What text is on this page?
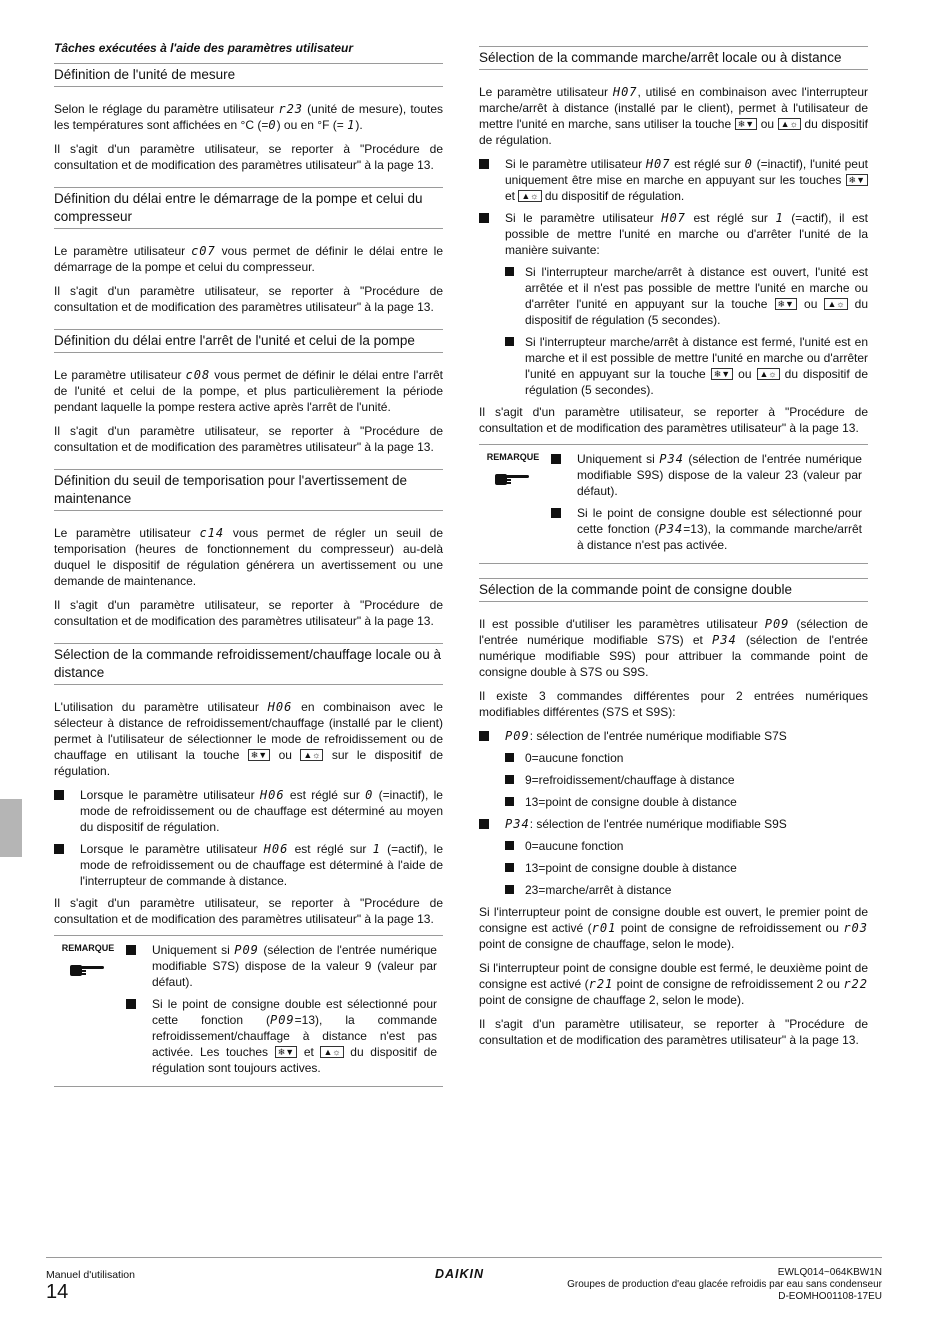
Tâches exécutées à l'aide des paramètres utilisateur
Définition de l'unité de mesure

Selon le réglage du paramètre utilisateur r23 (unité de mesure), toutes les températures sont affichées en °C (=0) ou en °F (= 1).

Il s'agit d'un paramètre utilisateur, se reporter à "Procédure de consultation et de modification des paramètres utilisateur" à la page 13.

Définition du délai entre le démarrage de la pompe et celui du compresseur

Le paramètre utilisateur c07 vous permet de définir le délai entre le démarrage de la pompe et celui du compresseur.

Il s'agit d'un paramètre utilisateur, se reporter à "Procédure de consultation et de modification des paramètres utilisateur" à la page 13.

Définition du délai entre l'arrêt de l'unité et celui de la pompe

Le paramètre utilisateur c08 vous permet de définir le délai entre l'arrêt de l'unité et celui de la pompe, et plus particulièrement la période pendant laquelle la pompe restera active après l'arrêt de l'unité.

Il s'agit d'un paramètre utilisateur, se reporter à "Procédure de consultation et de modification des paramètres utilisateur" à la page 13.

Définition du seuil de temporisation pour l'avertissement de maintenance

Le paramètre utilisateur c14 vous permet de régler un seuil de temporisation (heures de fonctionnement du compresseur) au-delà duquel le dispositif de régulation générera un avertissement ou une demande de maintenance.

Il s'agit d'un paramètre utilisateur, se reporter à "Procédure de consultation et de modification des paramètres utilisateur" à la page 13.

Sélection de la commande refroidissement/chauffage locale ou à distance

L'utilisation du paramètre utilisateur H06 en combinaison avec le sélecteur à distance de refroidissement/chauffage (installé par le client) permet à l'utilisateur de sélectionner le mode de refroidissement ou de chauffage en utilisant la touche ❄▼ ou ▲☼ sur le dispositif de régulation.

Lorsque le paramètre utilisateur H06 est réglé sur 0 (=inactif), le mode de refroidissement ou de chauffage est déterminé au moyen du dispositif de régulation.
Lorsque le paramètre utilisateur H06 est réglé sur 1 (=actif), le mode de refroidissement ou de chauffage est déterminé à l'aide de l'interrupteur de commande à distance.

Il s'agit d'un paramètre utilisateur, se reporter à "Procédure de consultation et de modification des paramètres utilisateur" à la page 13.

REMARQUE	Uniquement si P09 (sélection de l'entrée numérique modifiable S7S) dispose de la valeur 9 (valeur par défaut).
Si le point de consigne double est sélectionné pour cette fonction (P09=13), la commande refroidissement/chauffage à distance n'est pas activée. Les touches ❄▼ et ▲☼ du dispositif de régulation sont toujours actives.
Sélection de la commande marche/arrêt locale ou à distance

Le paramètre utilisateur H07, utilisé en combinaison avec l'interrupteur marche/arrêt à distance (installé par le client), permet à l'utilisateur de mettre l'unité en marche, sans utiliser la touche ❄▼ ou ▲☼ du dispositif de régulation.

Si le paramètre utilisateur H07 est réglé sur 0 (=inactif), l'unité peut uniquement être mise en marche en appuyant sur les touches ❄▼ et ▲☼ du dispositif de régulation.
Si le paramètre utilisateur H07 est réglé sur 1 (=actif), il est possible de mettre l'unité en marche ou d'arrêter l'unité de la manière suivante:
Si l'interrupteur marche/arrêt à distance est ouvert, l'unité est arrêtée et il n'est pas possible de mettre l'unité en marche ou d'arrêter l'unité en appuyant sur la touche ❄▼ ou ▲☼ du dispositif de régulation (5 secondes).
Si l'interrupteur marche/arrêt à distance est fermé, l'unité est en marche et il est possible de mettre l'unité en marche ou d'arrêter l'unité en appuyant sur la touche ❄▼ ou ▲☼ du dispositif de régulation (5 secondes).

Il s'agit d'un paramètre utilisateur, se reporter à "Procédure de consultation et de modification des paramètres utilisateur" à la page 13.

REMARQUE	Uniquement si P34 (sélection de l'entrée numérique modifiable S9S) dispose de la valeur 23 (valeur par défaut).
Si le point de consigne double est sélectionné pour cette fonction (P34=13), la commande marche/arrêt à distance n'est pas activée.
Sélection de la commande point de consigne double

Il est possible d'utiliser les paramètres utilisateur P09 (sélection de l'entrée numérique modifiable S7S) et P34 (sélection de l'entrée numérique modifiable S9S) pour attribuer la commande point de consigne double à S7S ou S9S.

Il existe 3 commandes différentes pour 2 entrées numériques modifiables différentes (S7S et S9S):

P09: sélection de l'entrée numérique modifiable S7S
0=aucune fonction
9=refroidissement/chauffage à distance
13=point de consigne double à distance
P34: sélection de l'entrée numérique modifiable S9S
0=aucune fonction
13=point de consigne double à distance
23=marche/arrêt à distance

Si l'interrupteur point de consigne double est ouvert, le premier point de consigne est activé (r01 point de consigne de refroidissement ou r03 point de consigne de chauffage, selon le mode).

Si l'interrupteur point de consigne double est fermé, le deuxième point de consigne est activé (r21 point de consigne de refroidissement 2 ou r22 point de consigne de chauffage 2, selon le mode).

Il s'agit d'un paramètre utilisateur, se reporter à "Procédure de consultation et de modification des paramètres utilisateur" à la page 13.

Manuel d'utilisation
14
DAIKIN	EWLQ014~064KBW1N
Groupes de production d'eau glacée refroidis par eau sans condenseur
D-EOMHO01108-17EU
